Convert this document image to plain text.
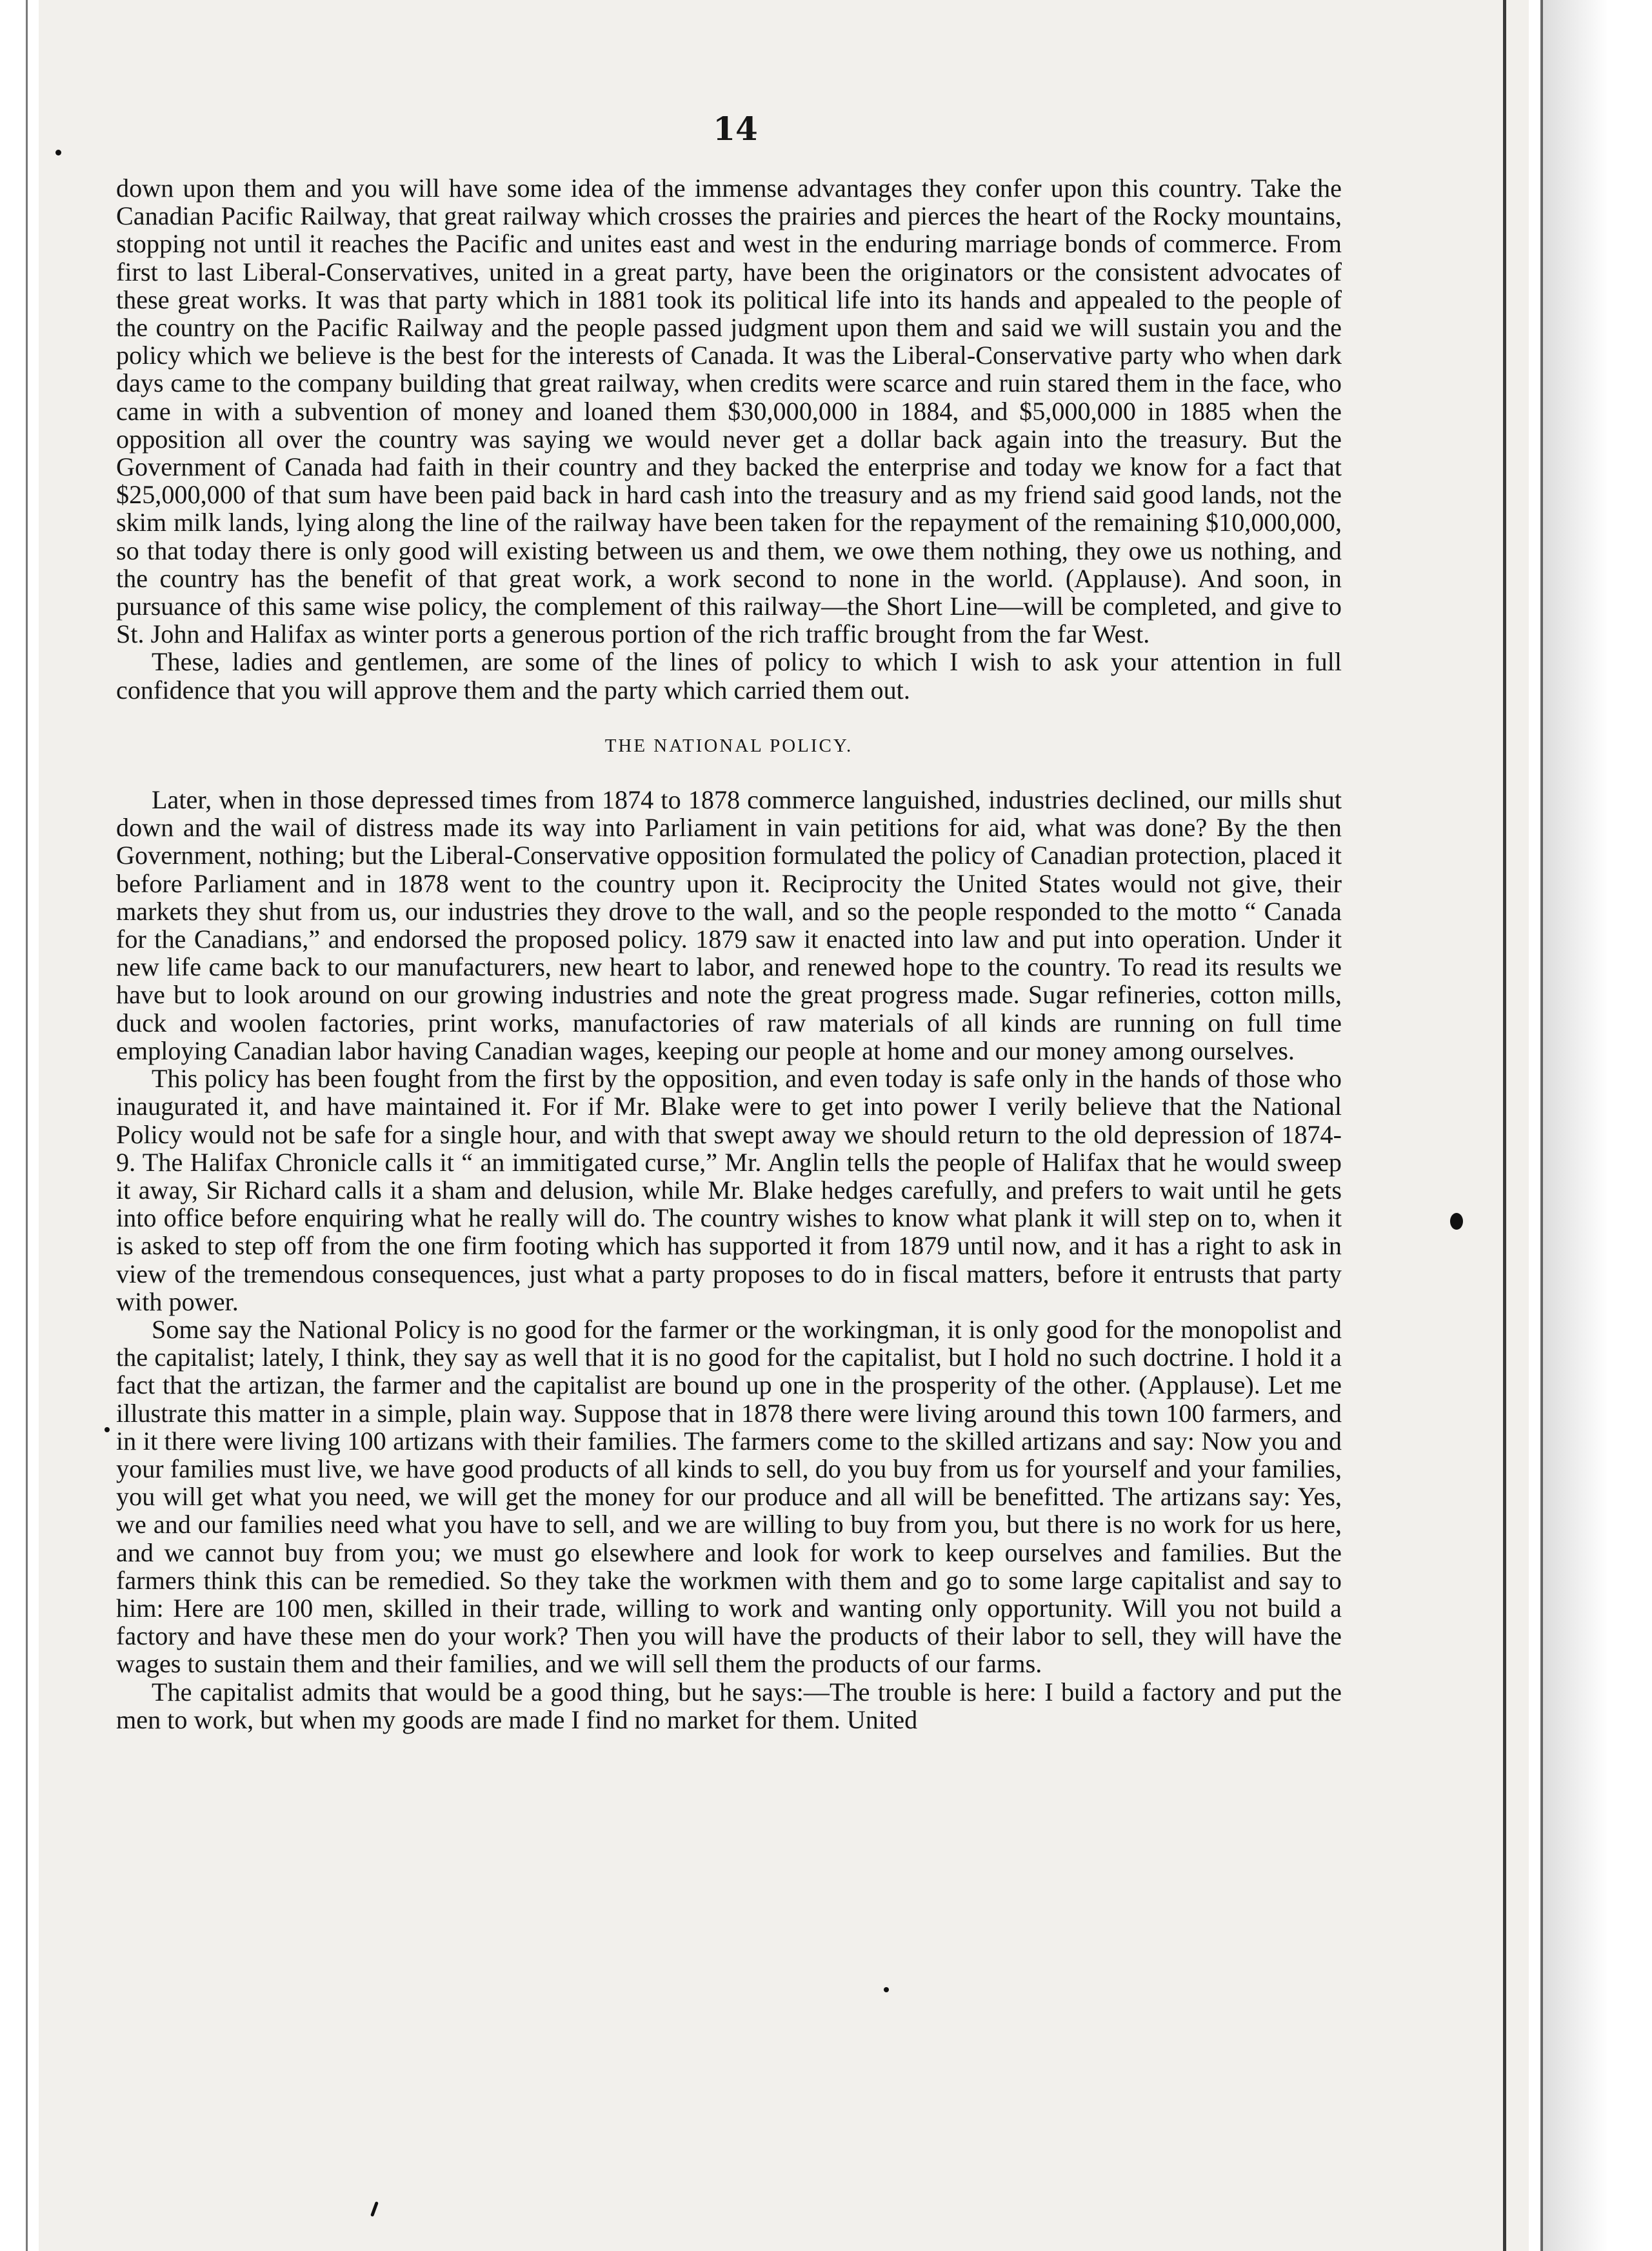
14

down upon them and you will have some idea of the immense advantages they confer upon this country. Take the Canadian Pacific Railway, that great railway which crosses the prairies and pierces the heart of the Rocky mountains, stopping not until it reaches the Pacific and unites east and west in the enduring marriage bonds of commerce. From first to last Liberal-Conservatives, united in a great party, have been the originators or the consistent advocates of these great works. It was that party which in 1881 took its political life into its hands and appealed to the people of the country on the Pacific Railway and the people passed judgment upon them and said we will sustain you and the policy which we believe is the best for the interests of Canada. It was the Liberal-Conservative party who when dark days came to the company building that great railway, when credits were scarce and ruin stared them in the face, who came in with a subvention of money and loaned them $30,000,000 in 1884, and $5,000,000 in 1885 when the opposition all over the country was saying we would never get a dollar back again into the treasury. But the Government of Canada had faith in their country and they backed the enterprise and today we know for a fact that $25,000,000 of that sum have been paid back in hard cash into the treasury and as my friend said good lands, not the skim milk lands, lying along the line of the railway have been taken for the repayment of the remaining $10,000,000, so that today there is only good will existing between us and them, we owe them nothing, they owe us nothing, and the country has the benefit of that great work, a work second to none in the world. (Applause). And soon, in pursuance of this same wise policy, the complement of this railway—the Short Line—will be completed, and give to St. John and Halifax as winter ports a generous portion of the rich traffic brought from the far West.

These, ladies and gentlemen, are some of the lines of policy to which I wish to ask your attention in full confidence that you will approve them and the party which carried them out.

THE NATIONAL POLICY.

Later, when in those depressed times from 1874 to 1878 commerce languished, industries declined, our mills shut down and the wail of distress made its way into Parliament in vain petitions for aid, what was done? By the then Government, nothing; but the Liberal-Conservative opposition formulated the policy of Canadian protection, placed it before Parliament and in 1878 went to the country upon it. Reciprocity the United States would not give, their markets they shut from us, our industries they drove to the wall, and so the people responded to the motto “ Canada for the Canadians,” and endorsed the proposed policy. 1879 saw it enacted into law and put into operation. Under it new life came back to our manufacturers, new heart to labor, and renewed hope to the country. To read its results we have but to look around on our growing industries and note the great progress made. Sugar refineries, cotton mills, duck and woolen factories, print works, manufactories of raw materials of all kinds are running on full time employing Canadian labor having Canadian wages, keeping our people at home and our money among ourselves.

This policy has been fought from the first by the opposition, and even today is safe only in the hands of those who inaugurated it, and have maintained it. For if Mr. Blake were to get into power I verily believe that the National Policy would not be safe for a single hour, and with that swept away we should return to the old depression of 1874-9. The Halifax Chronicle calls it “ an immitigated curse,” Mr. Anglin tells the people of Halifax that he would sweep it away, Sir Richard calls it a sham and delusion, while Mr. Blake hedges carefully, and prefers to wait until he gets into office before enquiring what he really will do. The country wishes to know what plank it will step on to, when it is asked to step off from the one firm footing which has supported it from 1879 until now, and it has a right to ask in view of the tremendous consequences, just what a party proposes to do in fiscal matters, before it entrusts that party with power.

Some say the National Policy is no good for the farmer or the workingman, it is only good for the monopolist and the capitalist; lately, I think, they say as well that it is no good for the capitalist, but I hold no such doctrine. I hold it a fact that the artizan, the farmer and the capitalist are bound up one in the prosperity of the other. (Applause). Let me illustrate this matter in a simple, plain way. Suppose that in 1878 there were living around this town 100 farmers, and in it there were living 100 artizans with their families. The farmers come to the skilled artizans and say: Now you and your families must live, we have good products of all kinds to sell, do you buy from us for yourself and your families, you will get what you need, we will get the money for our produce and all will be benefitted. The artizans say: Yes, we and our families need what you have to sell, and we are willing to buy from you, but there is no work for us here, and we cannot buy from you; we must go elsewhere and look for work to keep ourselves and families. But the farmers think this can be remedied. So they take the workmen with them and go to some large capitalist and say to him: Here are 100 men, skilled in their trade, willing to work and wanting only opportunity. Will you not build a factory and have these men do your work? Then you will have the products of their labor to sell, they will have the wages to sustain them and their families, and we will sell them the products of our farms.

The capitalist admits that would be a good thing, but he says:—The trouble is here: I build a factory and put the men to work, but when my goods are made I find no market for them. United
